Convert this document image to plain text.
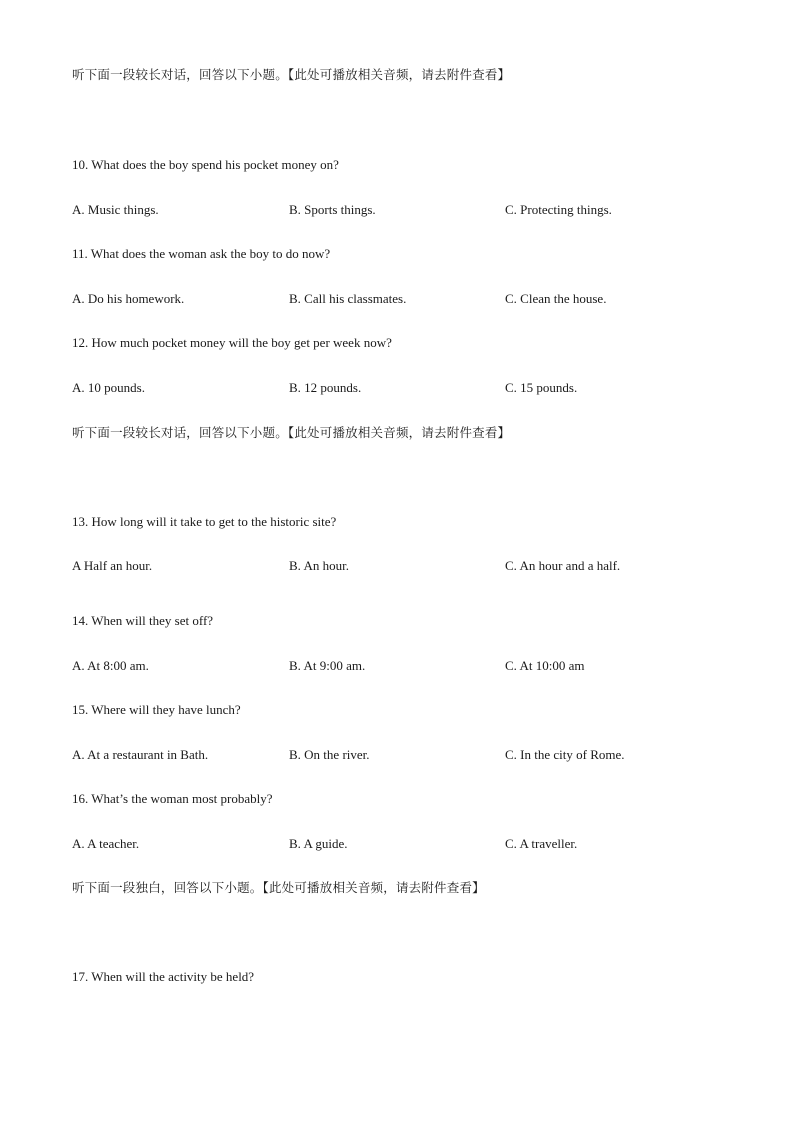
听下面一段较长对话，回答以下小题。【此处可播放相关音频，请去附件查看】
10. What does the boy spend his pocket money on?
A. Music things.	B. Sports things.	C. Protecting things.
11. What does the woman ask the boy to do now?
A. Do his homework.	B. Call his classmates.	C. Clean the house.
12. How much pocket money will the boy get per week now?
A. 10 pounds.	B. 12 pounds.	C. 15 pounds.
听下面一段较长对话，回答以下小题。【此处可播放相关音频，请去附件查看】
13. How long will it take to get to the historic site?
A Half an hour.	B. An hour.	C. An hour and a half.
14. When will they set off?
A. At 8:00 am.	B. At 9:00 am.	C. At 10:00 am
15. Where will they have lunch?
A. At a restaurant in Bath.	B. On the river.	C. In the city of Rome.
16. What’s the woman most probably?
A. A teacher.	B. A guide.	C. A traveller.
听下面一段独白，回答以下小题。【此处可播放相关音频，请去附件查看】
17. When will the activity be held?
